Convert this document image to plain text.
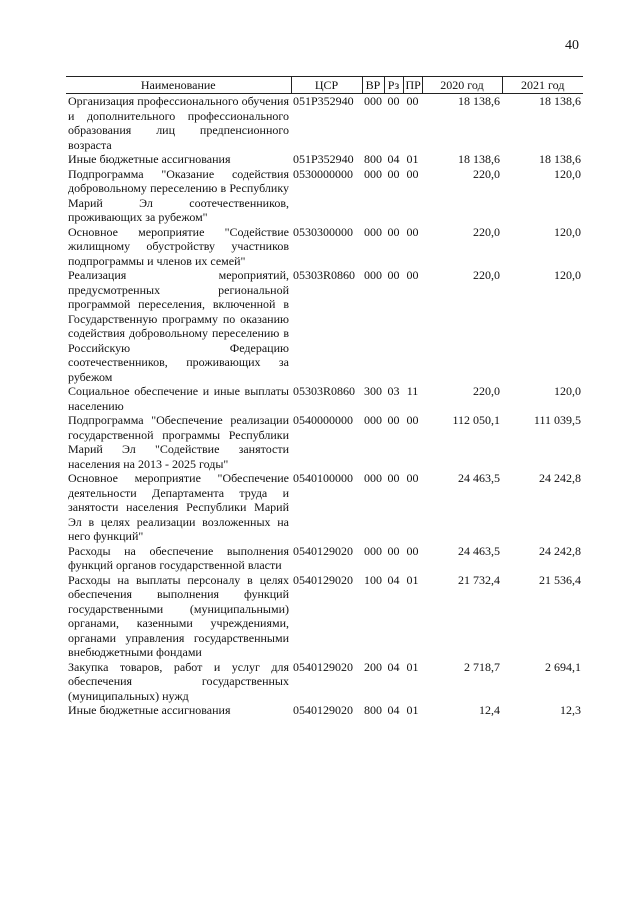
40
Наименование	ЦСР	ВР	Рз	ПР	2020 год	2021 год
Организация профессионального обучения и дополнительного профессионального образования лиц предпенсионного возраста	051P352940	000	00	00	18 138,6	18 138,6
Иные бюджетные ассигнования	051P352940	800	04	01	18 138,6	18 138,6
Подпрограмма "Оказание содействия добровольному переселению в Республику Марий Эл соотечественников, проживающих за рубежом"	0530000000	000	00	00	220,0	120,0
Основное мероприятие "Содействие жилищному обустройству участников подпрограммы и членов их семей"	0530300000	000	00	00	220,0	120,0
Реализация мероприятий, предусмотренных региональной программой переселения, включенной в Государственную программу по оказанию содействия добровольному переселению в Российскую Федерацию соотечественников, проживающих за рубежом	05303R0860	000	00	00	220,0	120,0
Социальное обеспечение и иные выплаты населению	05303R0860	300	03	11	220,0	120,0
Подпрограмма "Обеспечение реализации государственной программы Республики Марий Эл "Содействие занятости населения на 2013 - 2025 годы"	0540000000	000	00	00	112 050,1	111 039,5
Основное мероприятие "Обеспечение деятельности Департамента труда и занятости населения Республики Марий Эл в целях реализации возложенных на него функций"	0540100000	000	00	00	24 463,5	24 242,8
Расходы на обеспечение выполнения функций органов государственной власти	0540129020	000	00	00	24 463,5	24 242,8
Расходы на выплаты персоналу в целях обеспечения выполнения функций государственными (муниципальными) органами, казенными учреждениями, органами управления государственными внебюджетными фондами	0540129020	100	04	01	21 732,4	21 536,4
Закупка товаров, работ и услуг для обеспечения государственных (муниципальных) нужд	0540129020	200	04	01	2 718,7	2 694,1
Иные бюджетные ассигнования	0540129020	800	04	01	12,4	12,3
